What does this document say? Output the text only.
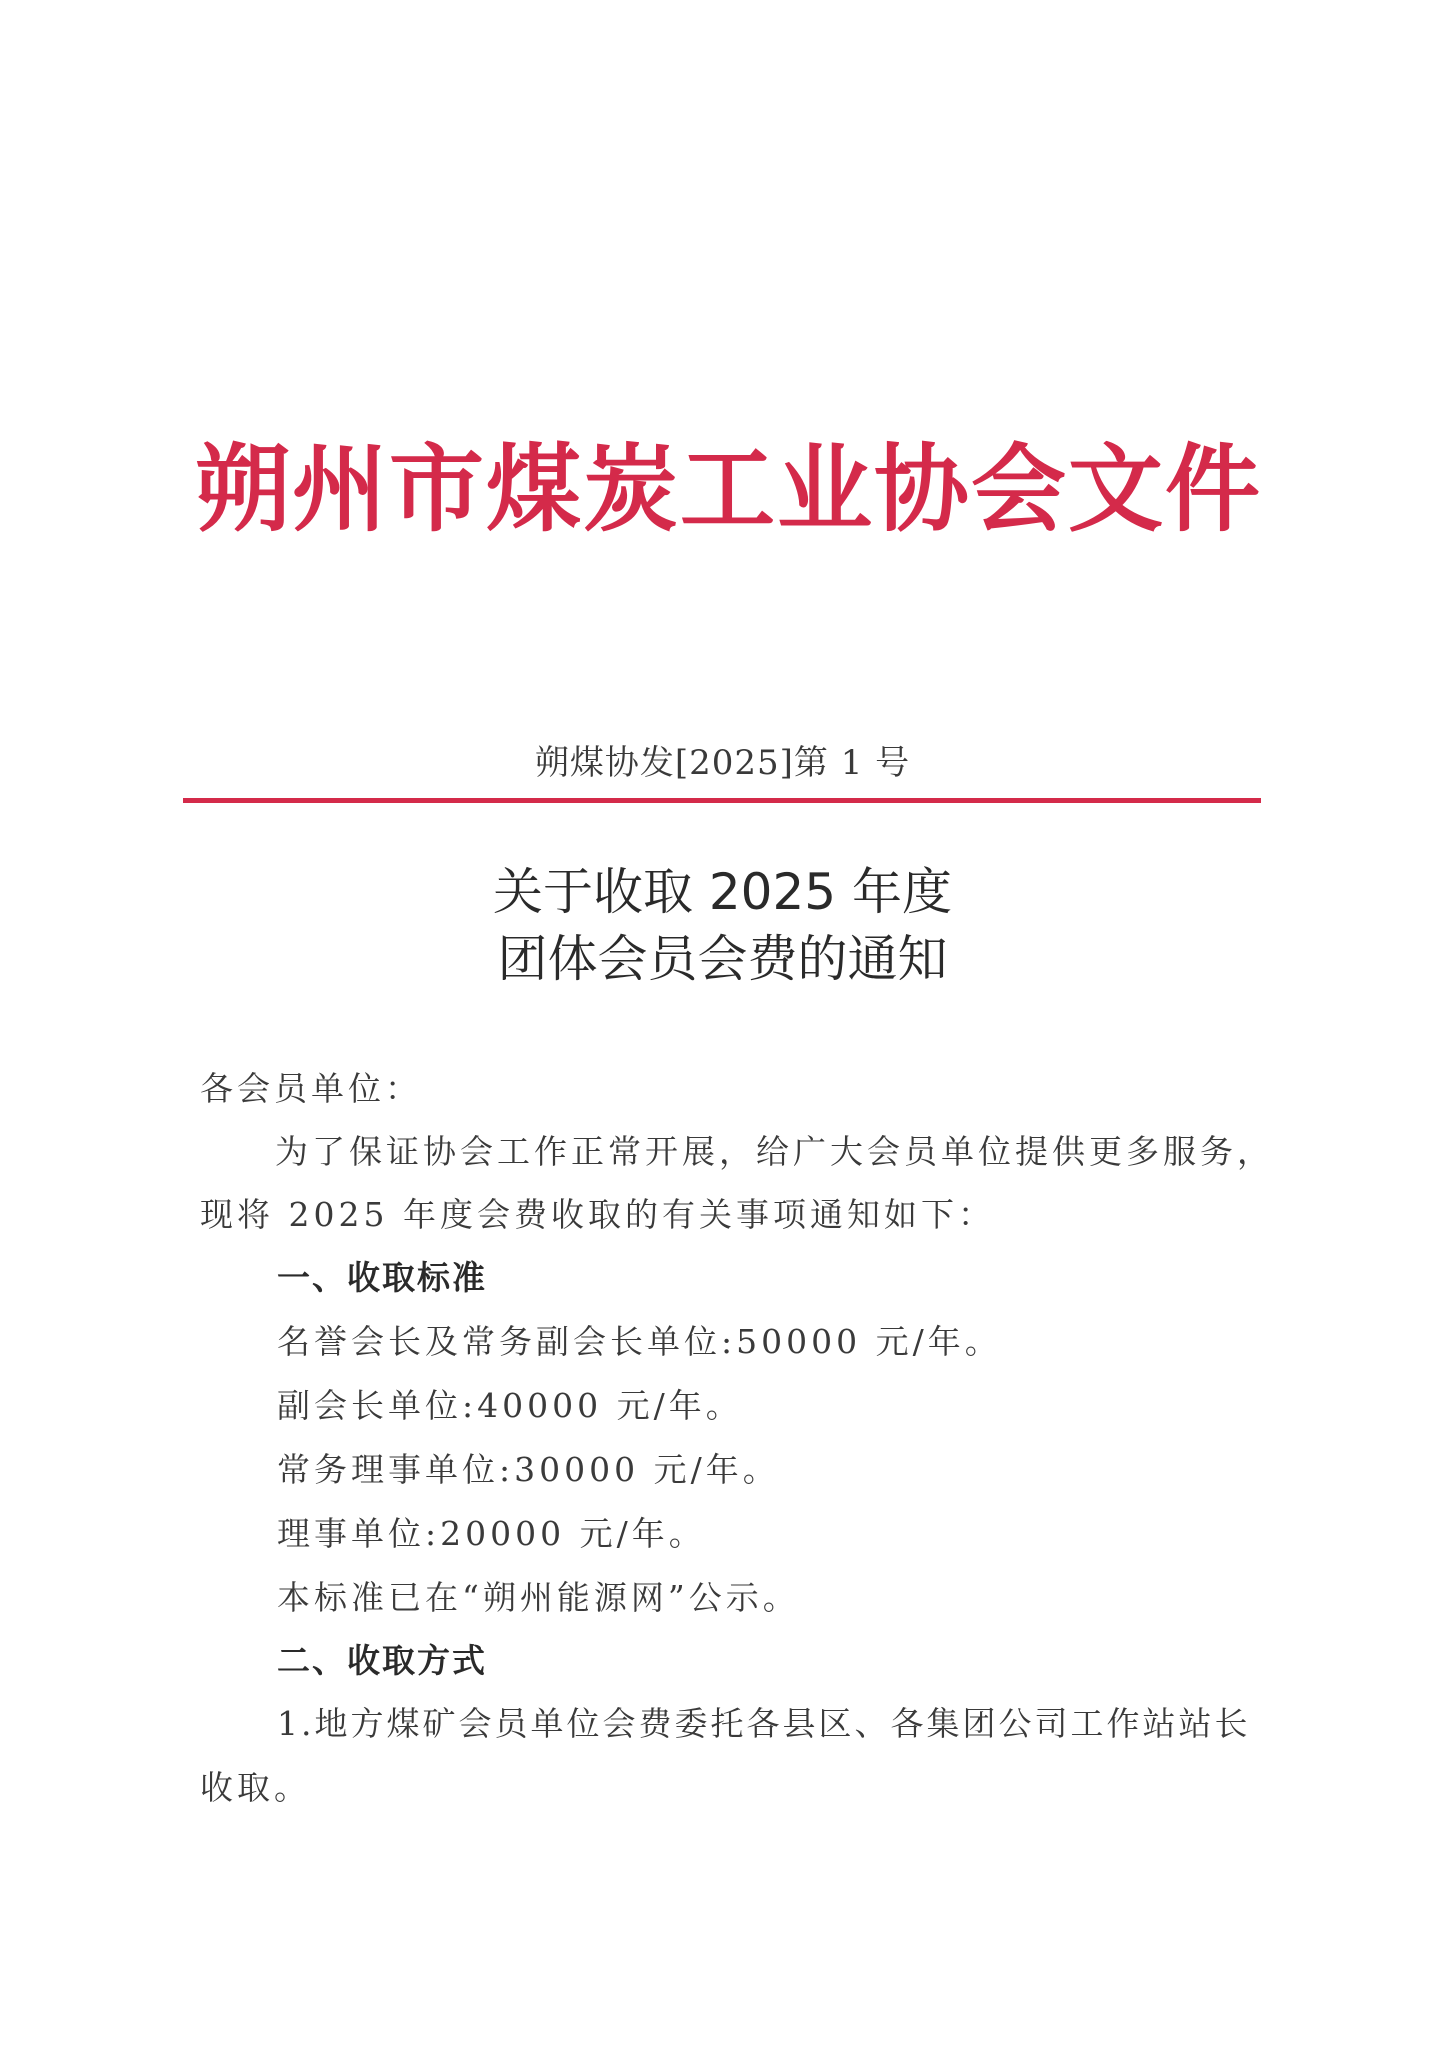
朔州市煤炭工业协会文件
朔煤协发[2025]第 1 号
关于收取 2025 年度
团体会员会费的通知
各会员单位：
为了保证协会工作正常开展，给广大会员单位提供更多服务，
现将 2025 年度会费收取的有关事项通知如下：
一、收取标准
名誉会长及常务副会长单位:50000 元/年。
副会长单位:40000 元/年。
常务理事单位:30000 元/年。
理事单位:20000 元/年。
本标准已在“朔州能源网”公示。
二、收取方式
1.地方煤矿会员单位会费委托各县区、各集团公司工作站站长
收取。
